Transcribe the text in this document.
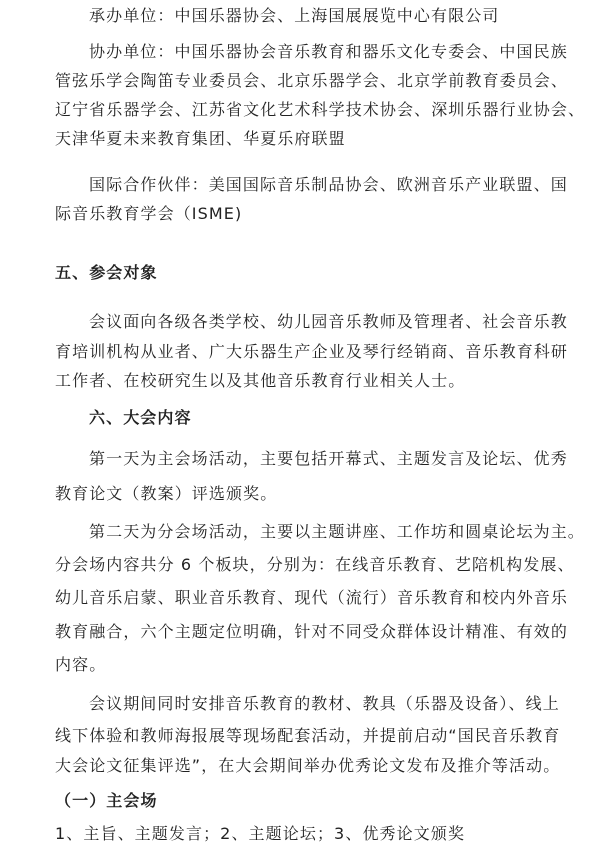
承办单位：中国乐器协会、上海国展展览中心有限公司
协办单位：中国乐器协会音乐教育和器乐文化专委会、中国民族
管弦乐学会陶笛专业委员会、北京乐器学会、北京学前教育委员会、
辽宁省乐器学会、江苏省文化艺术科学技术协会、深圳乐器行业协会、
天津华夏未来教育集团、华夏乐府联盟
国际合作伙伴：美国国际音乐制品协会、欧洲音乐产业联盟、国
际音乐教育学会（ISME)
五、参会对象
会议面向各级各类学校、幼儿园音乐教师及管理者、社会音乐教
育培训机构从业者、广大乐器生产企业及琴行经销商、音乐教育科研
工作者、在校研究生以及其他音乐教育行业相关人士。
六、大会内容
第一天为主会场活动，主要包括开幕式、主题发言及论坛、优秀
教育论文（教案）评选颁奖。
第二天为分会场活动，主要以主题讲座、工作坊和圆桌论坛为主。
分会场内容共分 6 个板块，分别为：在线音乐教育、艺陪机构发展、
幼儿音乐启蒙、职业音乐教育、现代（流行）音乐教育和校内外音乐
教育融合，六个主题定位明确，针对不同受众群体设计精准、有效的
内容。
会议期间同时安排音乐教育的教材、教具（乐器及设备）、线上
线下体验和教师海报展等现场配套活动，并提前启动“国民音乐教育
大会论文征集评选”，在大会期间举办优秀论文发布及推介等活动。
（一）主会场
1、主旨、主题发言；2、主题论坛；3、优秀论文颁奖
